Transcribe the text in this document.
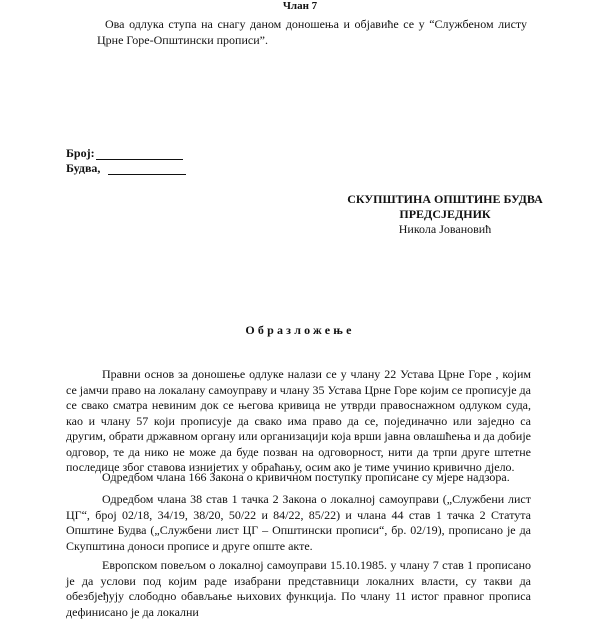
Члан 7
Ова одлука ступа на снагу даном доношења и објавиће се у “Службеном листу Црне Горе-Општински прописи”.
Број:
Будва,
СКУПШТИНА ОПШТИНЕ БУДВА
ПРЕДСЈЕДНИК
Никола Јовановић
Образложење

Правни основ за доношење одлуке налази се у члану 22 Устава Црне Горе , којим се јамчи право на локалану самоуправу и члану 35 Устава Црне Горе којим се прописује да се свако сматра невиним док се његова кривица не утврди правоснажном одлуком суда, као и члану 57 који прописује да свако има право да се, појединачно или заједно са другим, обрати државном органу или организацији која врши јавна овлашћења и да добије одговор, те да нико не може да буде позван на одговорност, нити да трпи друге штетне последице због ставова изнијетих у обраћању, осим ако је тиме учинио кривично дјело.

Одредбом члана 166 Закона о кривичном поступку прописане су мјере надзора.

Одредбом члана 38 став 1 тачка 2 Закона о локалној самоуправи („Службени лист ЦГ“, број 02/18, 34/19, 38/20, 50/22 и 84/22, 85/22) и члана 44 став 1 тачка 2 Статута Општине Будва („Службени лист ЦГ – Општински прописи“, бр. 02/19), прописано је да Скупштина доноси прописе и друге опште акте.

Европском повељом о локалној самоуправи 15.10.1985. у члану 7 став 1 прописано је да услови под којим раде изабрани представници локалних власти, су такви да обезбјеђују слободно обављање њихових функција. По члану 11 истог правног прописа дефинисано је да локални
